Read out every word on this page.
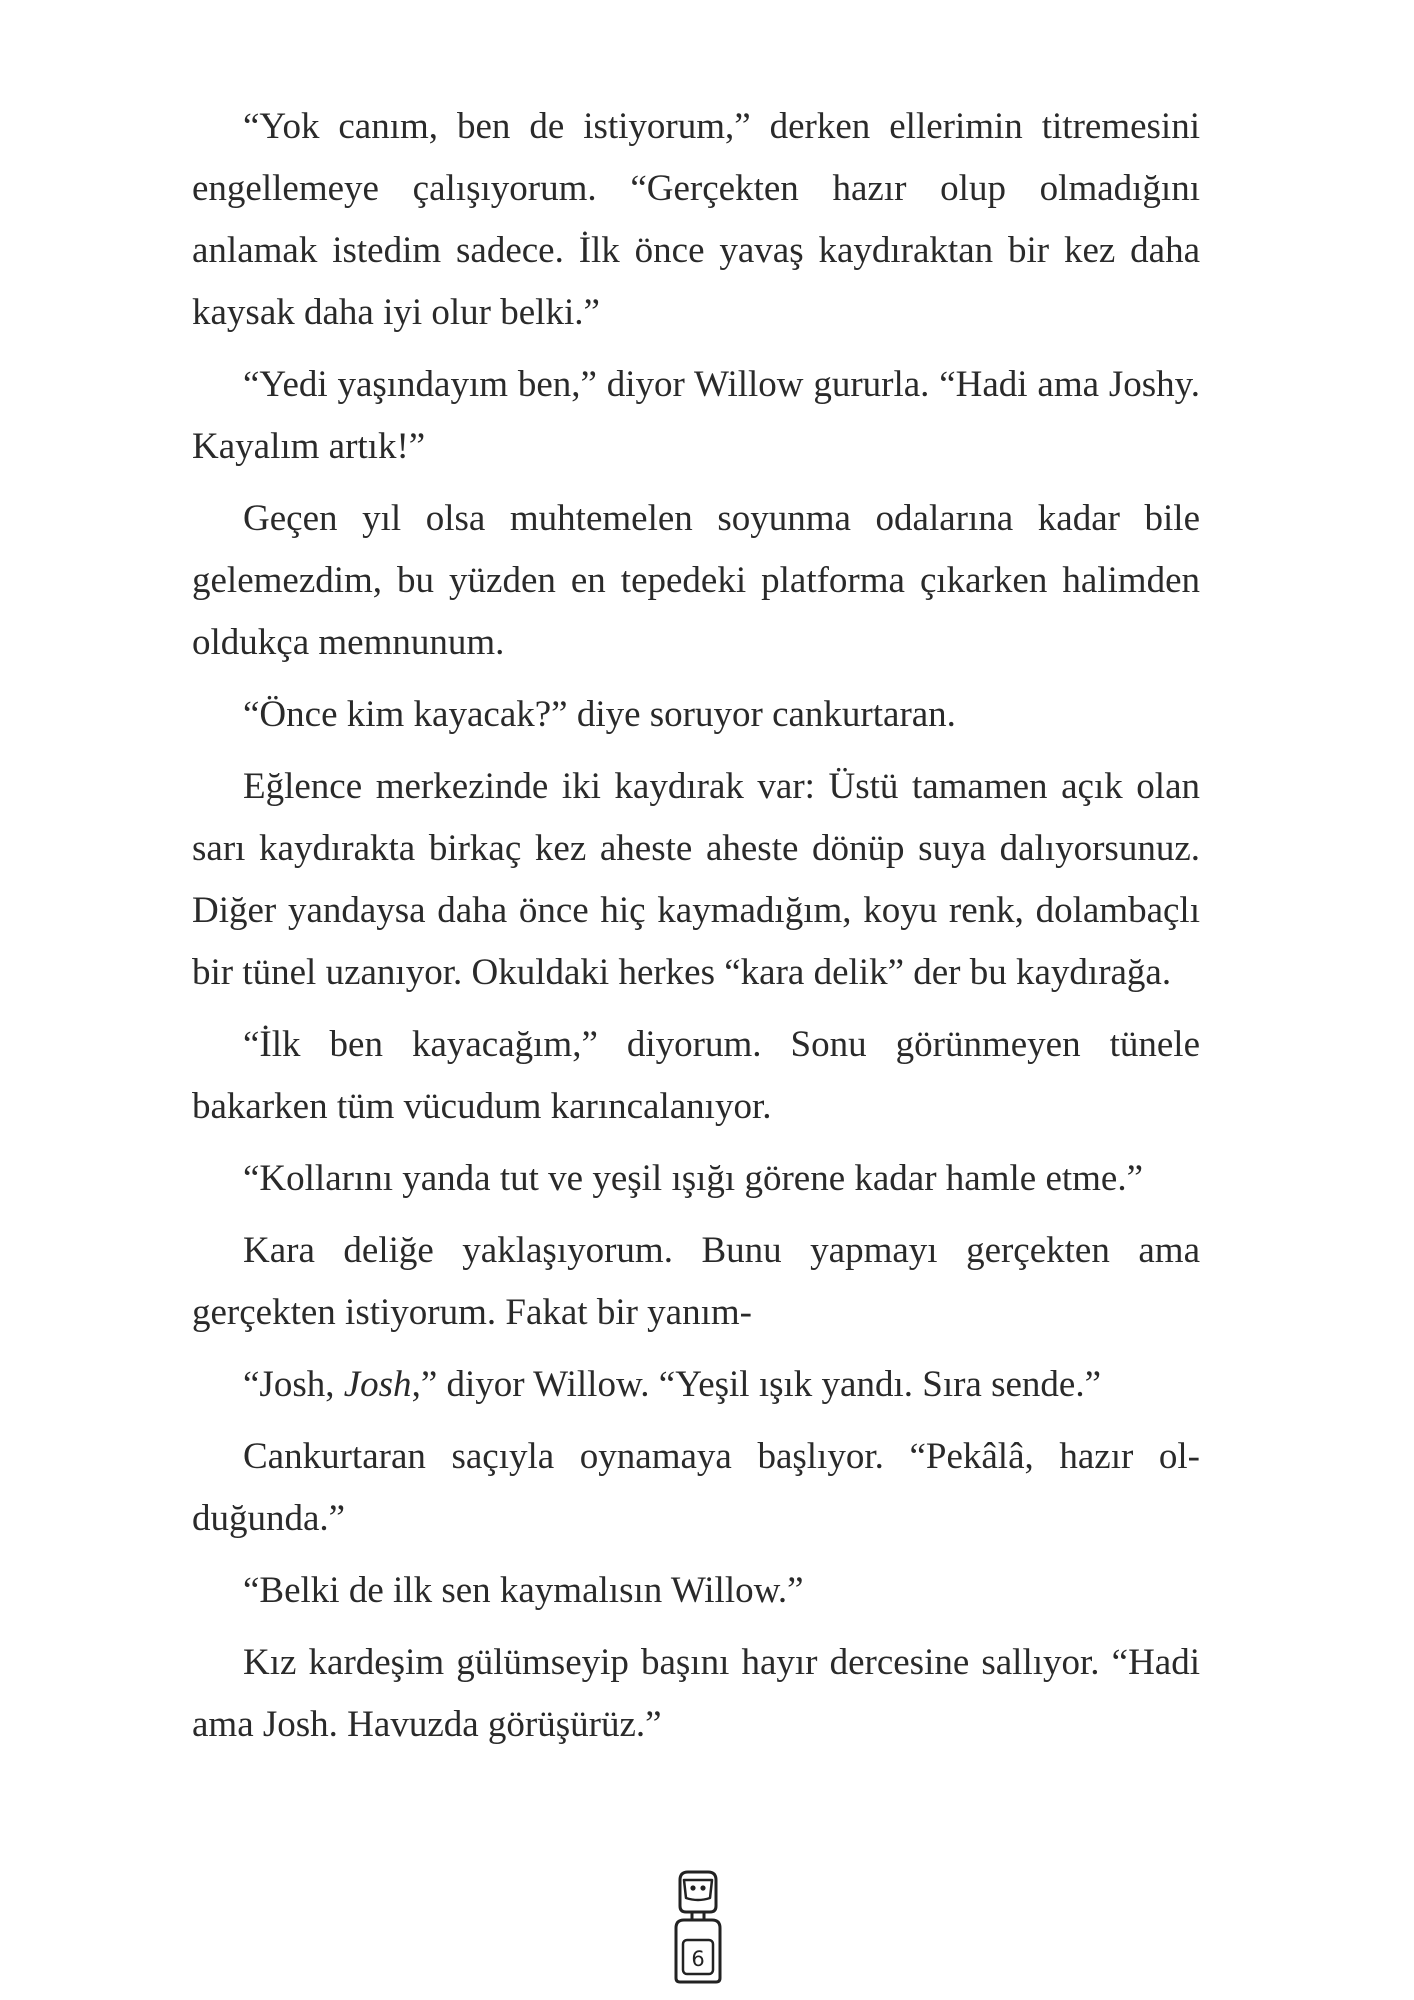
“Yok canım, ben de istiyorum,” derken ellerimin titremesini engellemeye çalışıyorum. “Gerçekten hazır olup olmadığını anlamak istedim sadece. İlk önce yavaş kaydıraktan bir kez daha kaysak daha iyi olur belki.”

“Yedi yaşındayım ben,” diyor Willow gururla. “Hadi ama Joshy. Kayalım artık!”

Geçen yıl olsa muhtemelen soyunma odalarına kadar bile gelemezdim, bu yüzden en tepedeki platforma çıkarken halimden oldukça memnunum.

“Önce kim kayacak?” diye soruyor cankurtaran.

Eğlence merkezinde iki kaydırak var: Üstü tamamen açık olan sarı kaydırakta birkaç kez aheste aheste dönüp suya dalıyorsunuz. Diğer yandaysa daha önce hiç kaymadığım, koyu renk, dolambaçlı bir tünel uzanıyor. Okuldaki herkes “kara delik” der bu kaydırağa.

“İlk ben kayacağım,” diyorum. Sonu görünmeyen tünele bakarken tüm vücudum karıncalanıyor.

“Kollarını yanda tut ve yeşil ışığı görene kadar hamle etme.”

Kara deliğe yaklaşıyorum. Bunu yapmayı gerçekten ama gerçekten istiyorum. Fakat bir yanım-

“Josh, Josh,” diyor Willow. “Yeşil ışık yandı. Sıra sende.”

Cankurtaran saçıyla oynamaya başlıyor. “Pekâlâ, hazır olduğunda.”

“Belki de ilk sen kaymalısın Willow.”

Kız kardeşim gülümseyip başını hayır dercesine sallıyor. “Hadi ama Josh. Havuzda görüşürüz.”

6
